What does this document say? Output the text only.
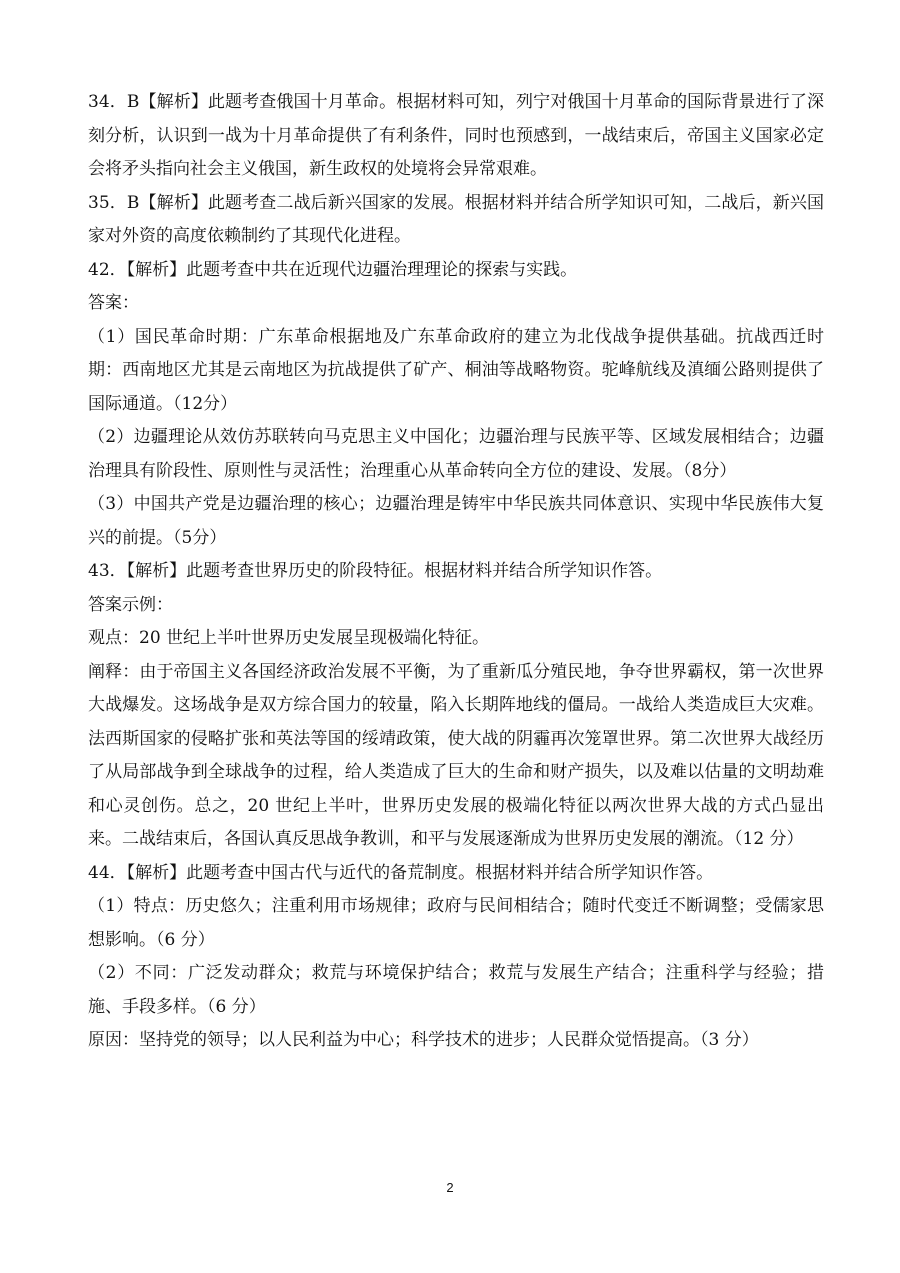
34．B【解析】此题考查俄国十月革命。根据材料可知，列宁对俄国十月革命的国际背景进行了深刻分析，认识到一战为十月革命提供了有利条件，同时也预感到，一战结束后，帝国主义国家必定会将矛头指向社会主义俄国，新生政权的处境将会异常艰难。

35．B【解析】此题考查二战后新兴国家的发展。根据材料并结合所学知识可知，二战后，新兴国家对外资的高度依赖制约了其现代化进程。

42．【解析】此题考查中共在近现代边疆治理理论的探索与实践。

答案：

（1）国民革命时期：广东革命根据地及广东革命政府的建立为北伐战争提供基础。抗战西迁时期：西南地区尤其是云南地区为抗战提供了矿产、桐油等战略物资。驼峰航线及滇缅公路则提供了国际通道。（12分）

（2）边疆理论从效仿苏联转向马克思主义中国化；边疆治理与民族平等、区域发展相结合；边疆治理具有阶段性、原则性与灵活性；治理重心从革命转向全方位的建设、发展。（8分）

（3）中国共产党是边疆治理的核心；边疆治理是铸牢中华民族共同体意识、实现中华民族伟大复兴的前提。（5分）

43．【解析】此题考查世界历史的阶段特征。根据材料并结合所学知识作答。

答案示例：

观点：20 世纪上半叶世界历史发展呈现极端化特征。

阐释：由于帝国主义各国经济政治发展不平衡，为了重新瓜分殖民地，争夺世界霸权，第一次世界大战爆发。这场战争是双方综合国力的较量，陷入长期阵地线的僵局。一战给人类造成巨大灾难。法西斯国家的侵略扩张和英法等国的绥靖政策，使大战的阴霾再次笼罩世界。第二次世界大战经历了从局部战争到全球战争的过程，给人类造成了巨大的生命和财产损失，以及难以估量的文明劫难和心灵创伤。总之，20 世纪上半叶，世界历史发展的极端化特征以两次世界大战的方式凸显出来。二战结束后，各国认真反思战争教训，和平与发展逐渐成为世界历史发展的潮流。（12 分）

44．【解析】此题考查中国古代与近代的备荒制度。根据材料并结合所学知识作答。

（1）特点：历史悠久；注重利用市场规律；政府与民间相结合；随时代变迁不断调整；受儒家思想影响。（6 分）

（2）不同：广泛发动群众；救荒与环境保护结合；救荒与发展生产结合；注重科学与经验；措施、手段多样。（6 分）

原因：坚持党的领导；以人民利益为中心；科学技术的进步；人民群众觉悟提高。（3 分）

2
